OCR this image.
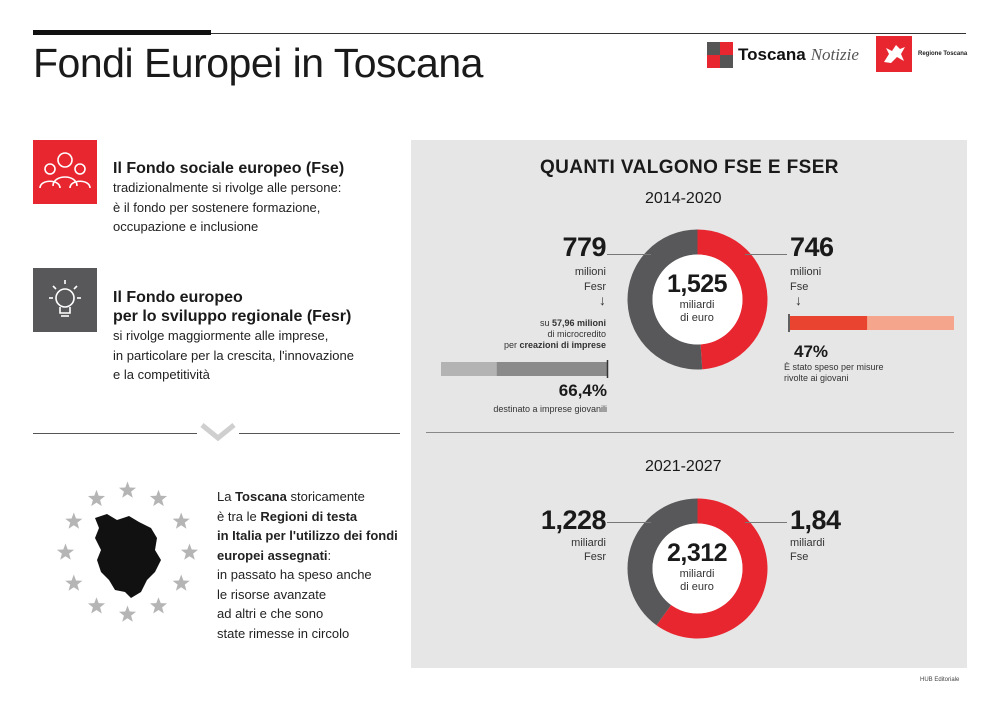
Fondi Europei in Toscana	Toscana Notizie	Regione Toscana
Il Fondo sociale europeo (Fse)
tradizionalmente si rivolge alle persone:
è il fondo per sostenere formazione,
occupazione e inclusione
Il Fondo europeo
per lo sviluppo regionale (Fesr)
si rivolge maggiormente alle imprese,
in particolare per la crescita, l'innovazione
e la competitività
La Toscana storicamente
è tra le Regioni di testa
in Italia per l'utilizzo dei fondi
europei assegnati:
in passato ha speso anche
le risorse avanzate
ad altri e che sono
state rimesse in circolo
QUANTI VALGONO FSE E FSER
2014-2020
1,525
miliardi
di euro
779
milioni
Fesr
↓
su 57,96 milioni
di microcredito
per creazioni di imprese
66,4%
destinato a imprese giovanili
746
milioni
Fse
↓
47%
È stato speso per misure
rivolte ai giovani
2021-2027
2,312
miliardi
di euro
1,228
miliardi
Fesr
1,84
miliardi
Fse
HUB Editoriale
